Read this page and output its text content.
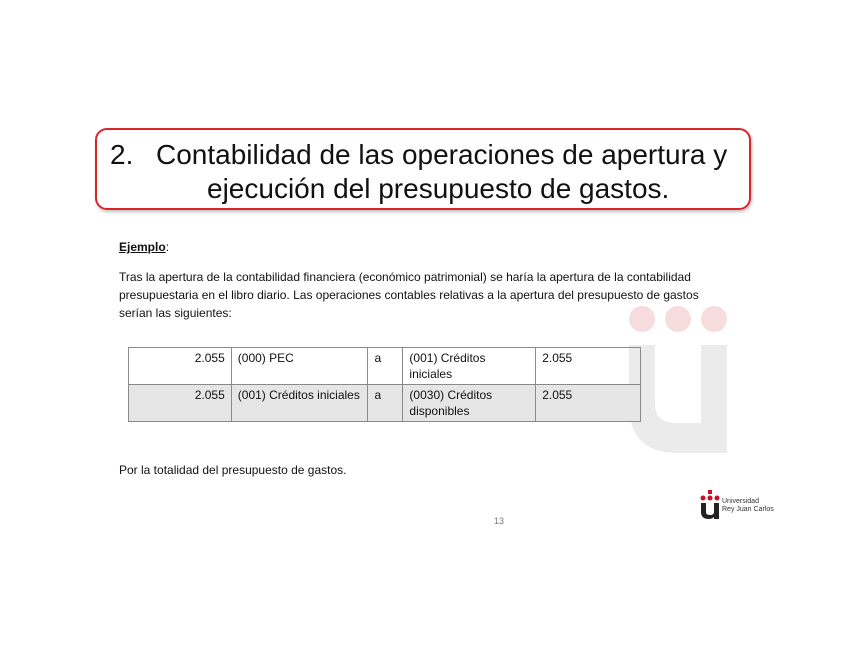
2. Contabilidad de las operaciones de apertura y
ejecución del presupuesto de gastos.
Ejemplo:

Tras la apertura de la contabilidad financiera (económico patrimonial) se haría la apertura de la contabilidad presupuestaria en el libro diario. Las operaciones contables relativas a la apertura del presupuesto de gastos serían las siguientes:

2.055	(000) PEC	a	(001) Créditos iniciales	2.055
2.055	(001) Créditos iniciales	a	(0030) Créditos disponibles	2.055
Por la totalidad del presupuesto de gastos.
13
Universidad
Rey Juan Carlos
